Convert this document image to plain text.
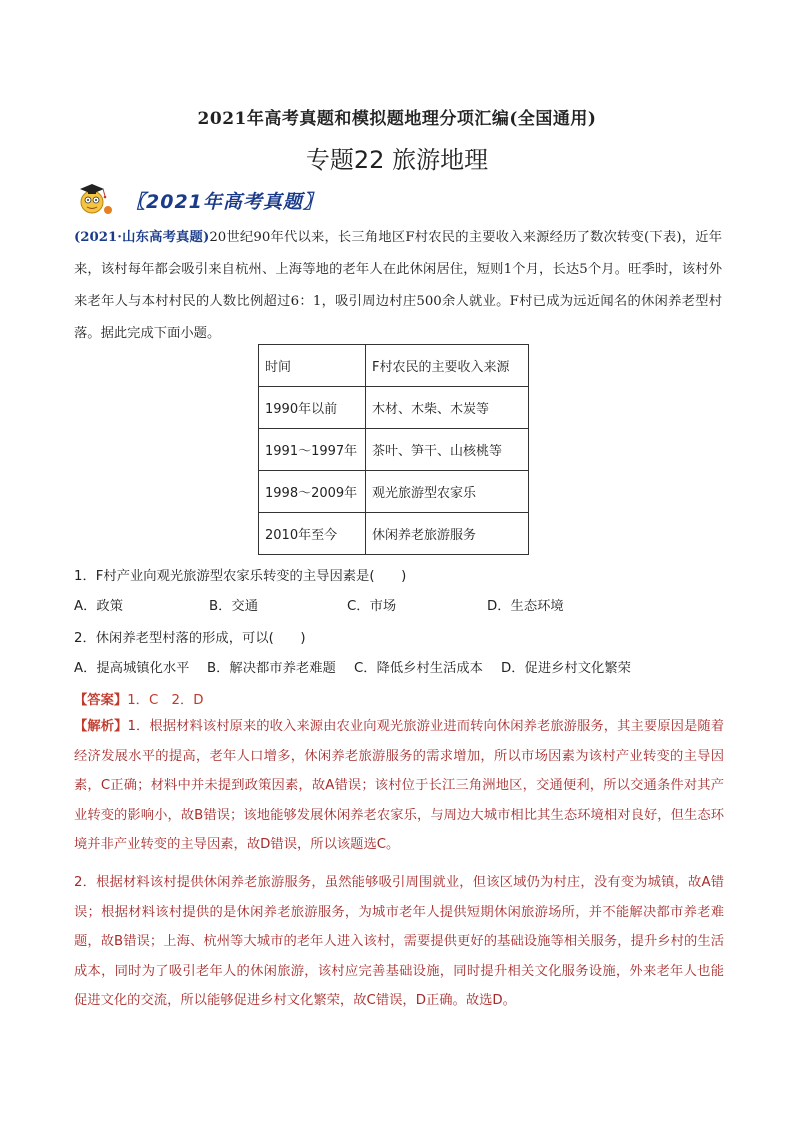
2021年高考真题和模拟题地理分项汇编(全国通用)
专题22 旅游地理
〖2021年高考真题〗
(2021·山东高考真题)20世纪90年代以来，长三角地区F村农民的主要收入来源经历了数次转变(下表)，近年来，该村每年都会吸引来自杭州、上海等地的老年人在此休闲居住，短则1个月，长达5个月。旺季时，该村外来老年人与本村村民的人数比例超过6：1，吸引周边村庄500余人就业。F村已成为远近闻名的休闲养老型村落。据此完成下面小题。
时间	F村农民的主要收入来源
1990年以前	木材、木柴、木炭等
1991～1997年	茶叶、笋干、山核桃等
1998～2009年	观光旅游型农家乐
2010年至今	休闲养老旅游服务
1．F村产业向观光旅游型农家乐转变的主导因素是(　　)
A．政策	B．交通	C．市场	D．生态环境
2．休闲养老型村落的形成，可以(　　)
A．提高城镇化水平	B．解决都市养老难题	C．降低乡村生活成本	D．促进乡村文化繁荣
【答案】1．C　2．D
【解析】1．根据材料该村原来的收入来源由农业向观光旅游业进而转向休闲养老旅游服务，其主要原因是随着经济发展水平的提高，老年人口增多，休闲养老旅游服务的需求增加，所以市场因素为该村产业转变的主导因素，C正确；材料中并未提到政策因素，故A错误；该村位于长江三角洲地区，交通便利，所以交通条件对其产业转变的影响小，故B错误；该地能够发展休闲养老农家乐，与周边大城市相比其生态环境相对良好，但生态环境并非产业转变的主导因素，故D错误，所以该题选C。
2．根据材料该村提供休闲养老旅游服务，虽然能够吸引周围就业，但该区域仍为村庄，没有变为城镇，故A错误；根据材料该村提供的是休闲养老旅游服务，为城市老年人提供短期休闲旅游场所，并不能解决都市养老难题，故B错误；上海、杭州等大城市的老年人进入该村，需要提供更好的基础设施等相关服务，提升乡村的生活成本，同时为了吸引老年人的休闲旅游，该村应完善基础设施，同时提升相关文化服务设施，外来老年人也能促进文化的交流，所以能够促进乡村文化繁荣，故C错误，D正确。故选D。
